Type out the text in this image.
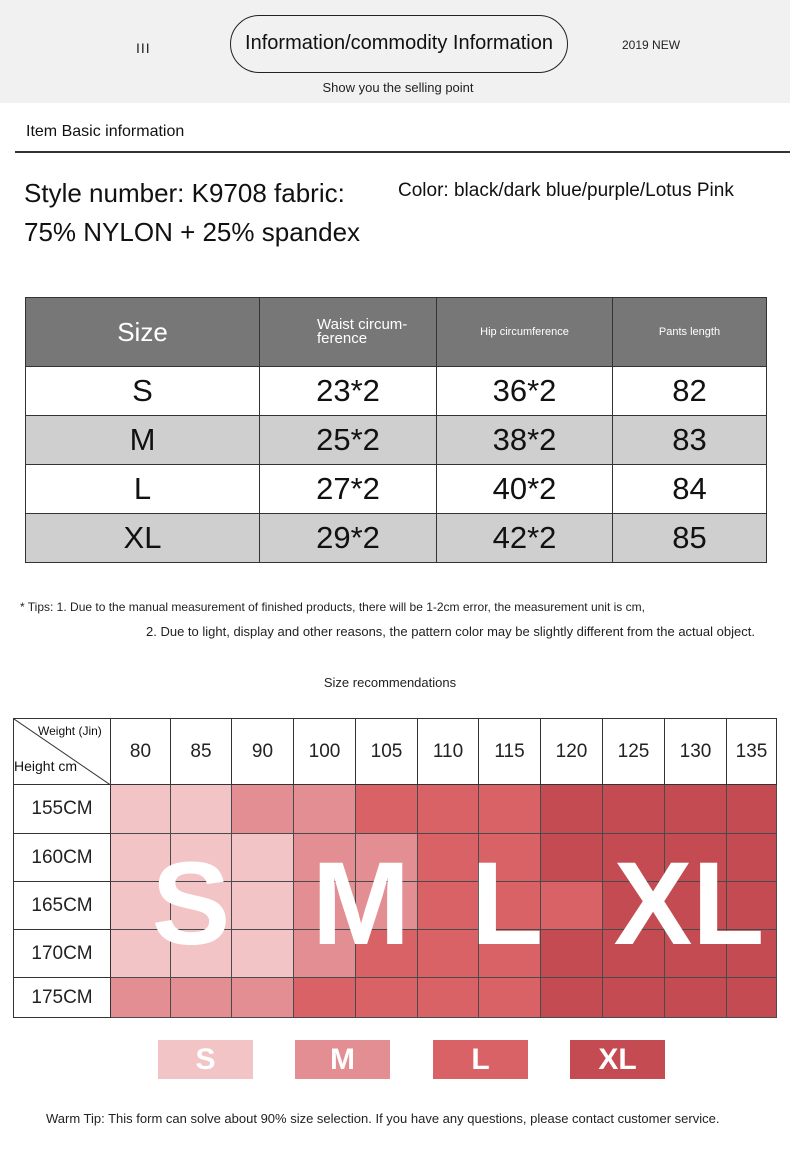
III	Information/commodity Information	2019 NEW
Show you the selling point
Item Basic information
Style number: K9708 fabric: 75% NYLON + 25% spandex
Color: black/dark blue/purple/Lotus Pink
Size	Waist circum-ference	Hip circumference	Pants length
S	23*2	36*2	82
M	25*2	38*2	83
L	27*2	40*2	84
XL	29*2	42*2	85
* Tips: 1. Due to the manual measurement of finished products, there will be 1-2cm error, the measurement unit is cm,
2. Due to light, display and other reasons, the pattern color may be slightly different from the actual object.
Size recommendations
Weight (Jin)
Height cm
80	85	90	100	105	110	115	120	125	130	135
155CM
160CM
165CM
170CM
175CM
S M L XL
S	M	L	XL
Warm Tip: This form can solve about 90% size selection. If you have any questions, please contact customer service.
